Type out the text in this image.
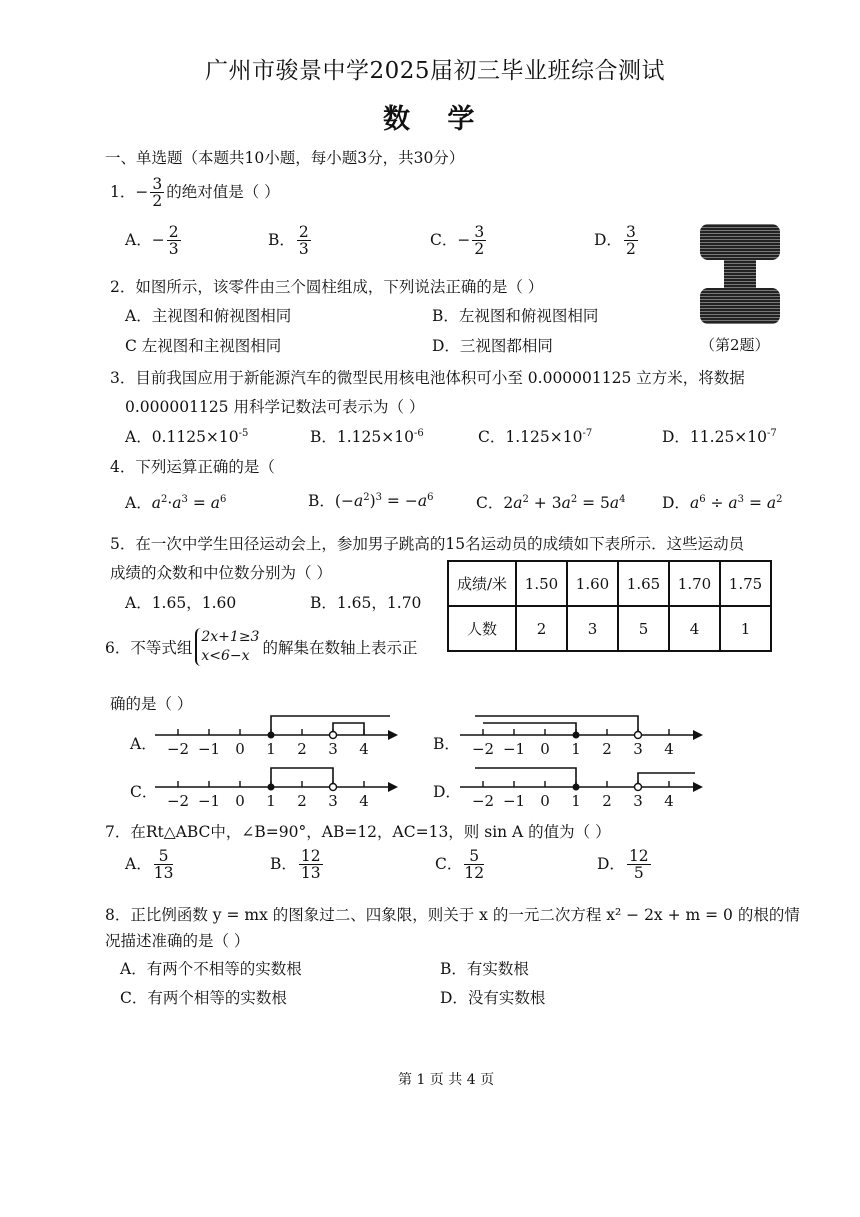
广州市骏景中学2025届初三毕业班综合测试
数 学
一、单选题（本题共10小题，每小题3分，共30分）
1．− $\frac{3}{2}$ 的绝对值是（ ）
A．− $\frac{2}{3}$	B． $\frac{2}{3}$	C．− $\frac{3}{2}$	D． $\frac{3}{2}$
（第2题）
2．如图所示，该零件由三个圆柱组成，下列说法正确的是（ ）
A．主视图和俯视图相同	B．左视图和俯视图相同
C 左视图和主视图相同	D．三视图都相同
3．目前我国应用于新能源汽车的微型民用核电池体积可小至 0.000001125 立方米，将数据
0.000001125 用科学记数法可表示为（ ）
A．$0.1125\times 10^{-5}$	B．$1.125\times 10^{-6}$	C．$1.125\times 10^{-7}$	D．$11.25\times 10^{-7}$
4．下列运算正确的是（
A．$a^2\cdot a^3 = a^6$	B．$(-a^2)^3 = -a^6$	C．$2a^2 + 3a^2 = 5a^4$ D．$a^6 \div a^3 = a^2$
5．在一次中学生田径运动会上，参加男子跳高的15名运动员的成绩如下表所示．这些运动员
成绩的众数和中位数分别为（ ）
A．1.65，1.60	B．1.65，1.70
成绩/米	1.50	1.60	1.65	1.70	1.75
人数	2	3	5	4	1
6．不等式组
2x+1≥3
x<6−x 的解集在数轴上表示正
确的是（ ）
A．	B．
C．	D．
−2 −1 0 1 2 3 4	−2 −1 0 1 2 3 4
−2 −1 0 1 2 3 4	−2 −1 0 1 2 3 4
7．在Rt△ABC中，∠B=90°，AB=12，AC=13，则 sin A 的值为（ ）
A． $\frac{5}{13}$	B． $\frac{12}{13}$	C． $\frac{5}{12}$	D． $\frac{12}{5}$
8．正比例函数 y = mx 的图象过二、四象限，则关于 x 的一元二次方程 x² − 2x + m = 0 的根的情
况描述准确的是（ ）
A．有两个不相等的实数根	B．有实数根
C．有两个相等的实数根	D．没有实数根
第 1 页 共 4 页
